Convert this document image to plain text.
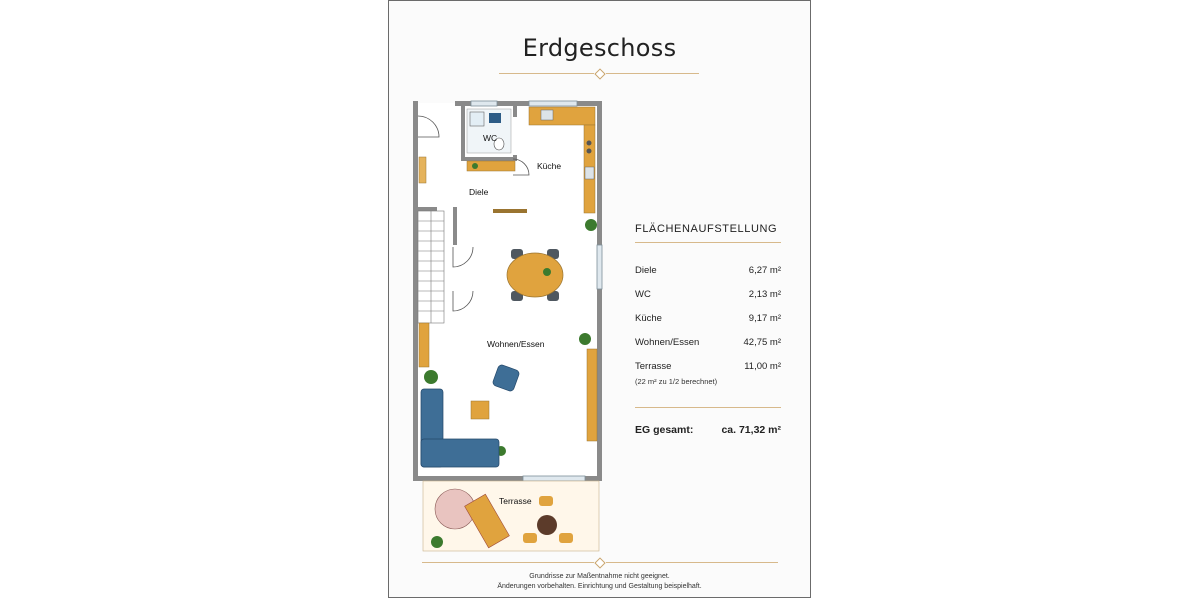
Erdgeschoss
WC
Küche
Diele
Wohnen/Essen
Terrasse
FLÄCHENAUFSTELLUNG
Diele	6,27 m²
WC	2,13 m²
Küche	9,17 m²
Wohnen/Essen	42,75 m²
Terrasse	11,00 m²
(22 m² zu 1/2 berechnet)
EG gesamt:	ca. 71,32 m²
Grundrisse zur Maßentnahme nicht geeignet.
Änderungen vorbehalten. Einrichtung und Gestaltung beispielhaft.
